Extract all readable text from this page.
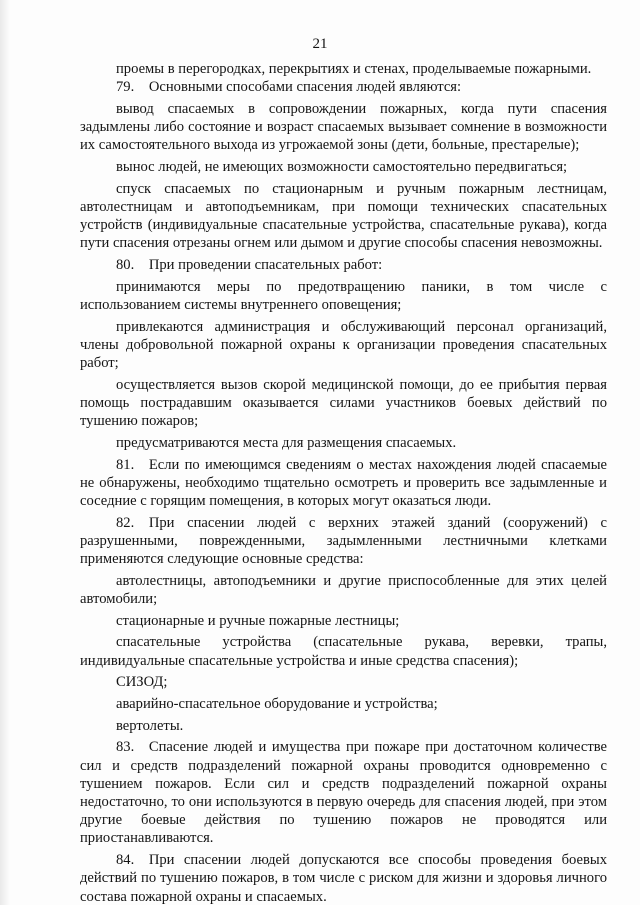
21

проемы в перегородках, перекрытиях и стенах, проделываемые пожарными.

79. Основными способами спасения людей являются:

вывод спасаемых в сопровождении пожарных, когда пути спасения задымлены либо состояние и возраст спасаемых вызывает сомнение в возможности их самостоятельного выхода из угрожаемой зоны (дети, больные, престарелые);

вынос людей, не имеющих возможности самостоятельно передвигаться;

спуск спасаемых по стационарным и ручным пожарным лестницам, автолестницам и автоподъемникам, при помощи технических спасательных устройств (индивидуальные спасательные устройства, спасательные рукава), когда пути спасения отрезаны огнем или дымом и другие способы спасения невозможны.

80. При проведении спасательных работ:

принимаются меры по предотвращению паники, в том числе с использованием системы внутреннего оповещения;

привлекаются администрация и обслуживающий персонал организаций, члены добровольной пожарной охраны к организации проведения спасательных работ;

осуществляется вызов скорой медицинской помощи, до ее прибытия первая помощь пострадавшим оказывается силами участников боевых действий по тушению пожаров;

предусматриваются места для размещения спасаемых.

81. Если по имеющимся сведениям о местах нахождения людей спасаемые не обнаружены, необходимо тщательно осмотреть и проверить все задымленные и соседние с горящим помещения, в которых могут оказаться люди.

82. При спасении людей с верхних этажей зданий (сооружений) с разрушенными, поврежденными, задымленными лестничными клетками применяются следующие основные средства:

автолестницы, автоподъемники и другие приспособленные для этих целей автомобили;

стационарные и ручные пожарные лестницы;

спасательные устройства (спасательные рукава, веревки, трапы, индивидуальные спасательные устройства и иные средства спасения);

СИЗОД;

аварийно-спасательное оборудование и устройства;

вертолеты.

83. Спасение людей и имущества при пожаре при достаточном количестве сил и средств подразделений пожарной охраны проводится одновременно с тушением пожаров. Если сил и средств подразделений пожарной охраны недостаточно, то они используются в первую очередь для спасения людей, при этом другие боевые действия по тушению пожаров не проводятся или приостанавливаются.

84. При спасении людей допускаются все способы проведения боевых действий по тушению пожаров, в том числе с риском для жизни и здоровья личного состава пожарной охраны и спасаемых.
